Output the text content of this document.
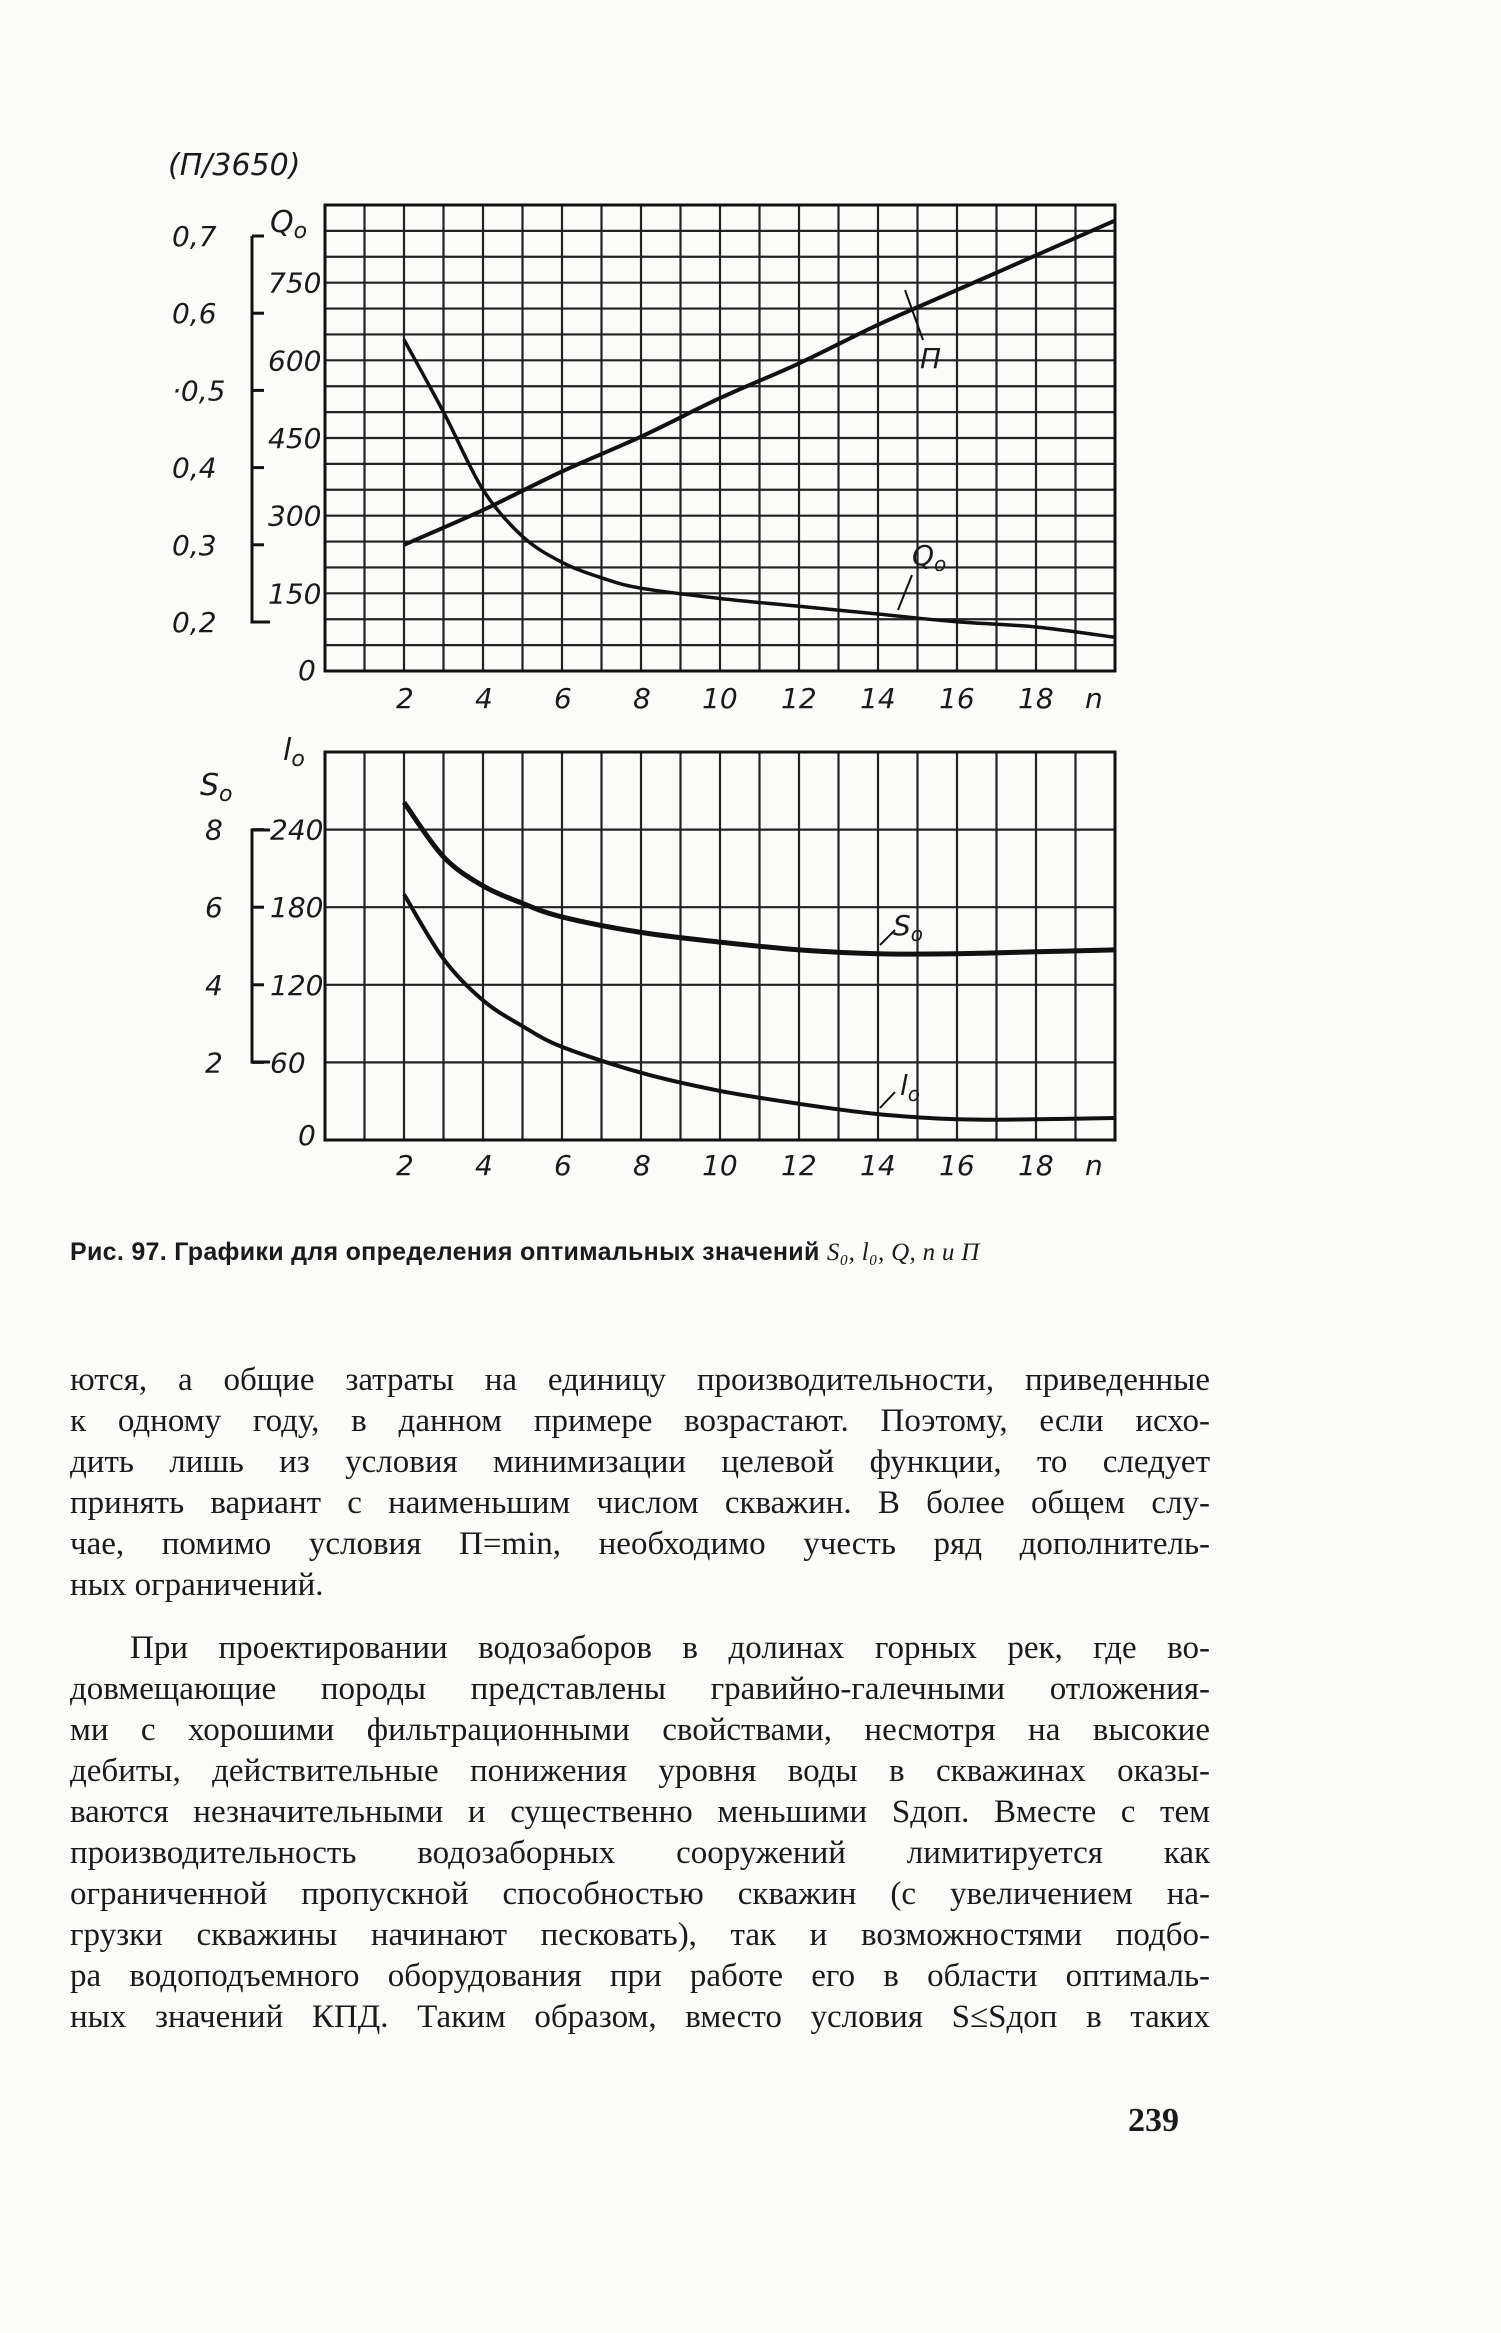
(П/3650)
$Q_o$
0,7
0,6
·0,5
0,4
0,3
0,2
750
600
450
300
150
0
2 4 6 8 10 12 14 16 18 n
П
$Q_o$
$S_o$
$l_o$
8
6
4
2
240
180
120
60
0
2 4 6 8 10 12 14 16 18 n
$S_o$
$l_o$
Рис. 97. Графики для определения оптимальных значений S₀, l₀, Q, n и П

ются, а общие затраты на единицу производительности, приведенные
к одному году, в данном примере возрастают. Поэтому, если исхо-
дить лишь из условия минимизации целевой функции, то следует
принять вариант с наименьшим числом скважин. В более общем слу-
чае, помимо условия П=min, необходимо учесть ряд дополнитель-
ных ограничений.

При проектировании водозаборов в долинах горных рек, где во-
довмещающие породы представлены гравийно-галечными отложения-
ми с хорошими фильтрационными свойствами, несмотря на высокие
дебиты, действительные понижения уровня воды в скважинах оказы-
ваются незначительными и существенно меньшими Sдоп. Вместе с тем
производительность водозаборных сооружений лимитируется как
ограниченной пропускной способностью скважин (с увеличением на-
грузки скважины начинают песковать), так и возможностями подбо-
ра водоподъемного оборудования при работе его в области оптималь-
ных значений КПД. Таким образом, вместо условия S≤Sдоп в таких

239
